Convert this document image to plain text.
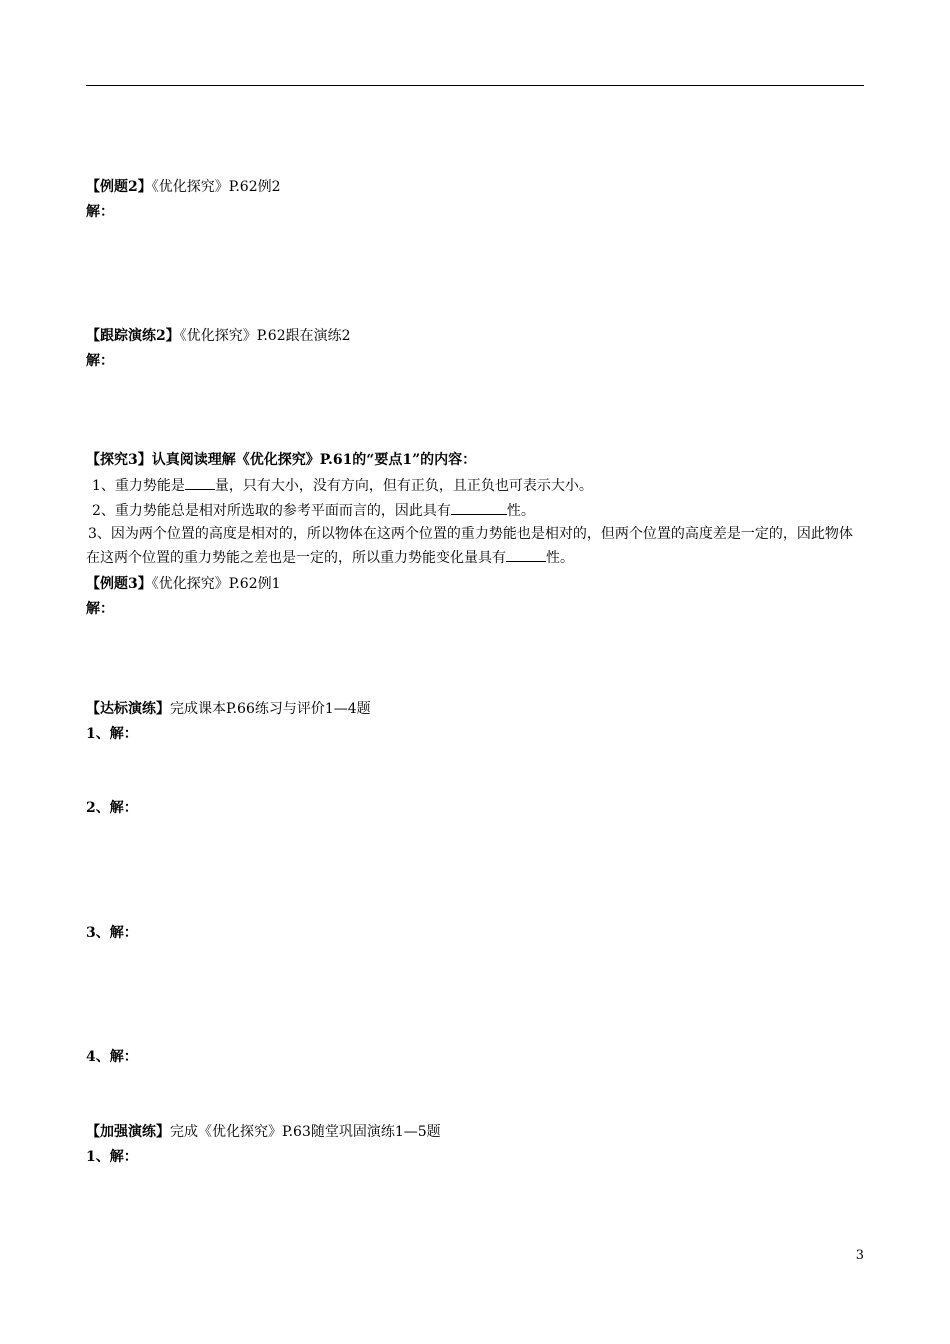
【例题2】《优化探究》P.62例2
解：
【跟踪演练2】《优化探究》P.62跟在演练2
解：
【探究3】认真阅读理解《优化探究》P.61的“要点1”的内容：
1、重力势能是 量，只有大小，没有方向，但有正负，且正负也可表示大小。
2、重力势能总是相对所选取的参考平面而言的，因此具有	性。
3、因为两个位置的高度是相对的，所以物体在这两个位置的重力势能也是相对的，但两个位置的高度差是一定的，因此物体在这两个位置的重力势能之差也是一定的，所以重力势能变化量具有	性。
【例题3】《优化探究》P.62例1
解：
【达标演练】完成课本P.66练习与评价1—4题
1、解：
2、解：
3、解：
4、解：
【加强演练】完成《优化探究》P.63随堂巩固演练1—5题
1、解：
3
